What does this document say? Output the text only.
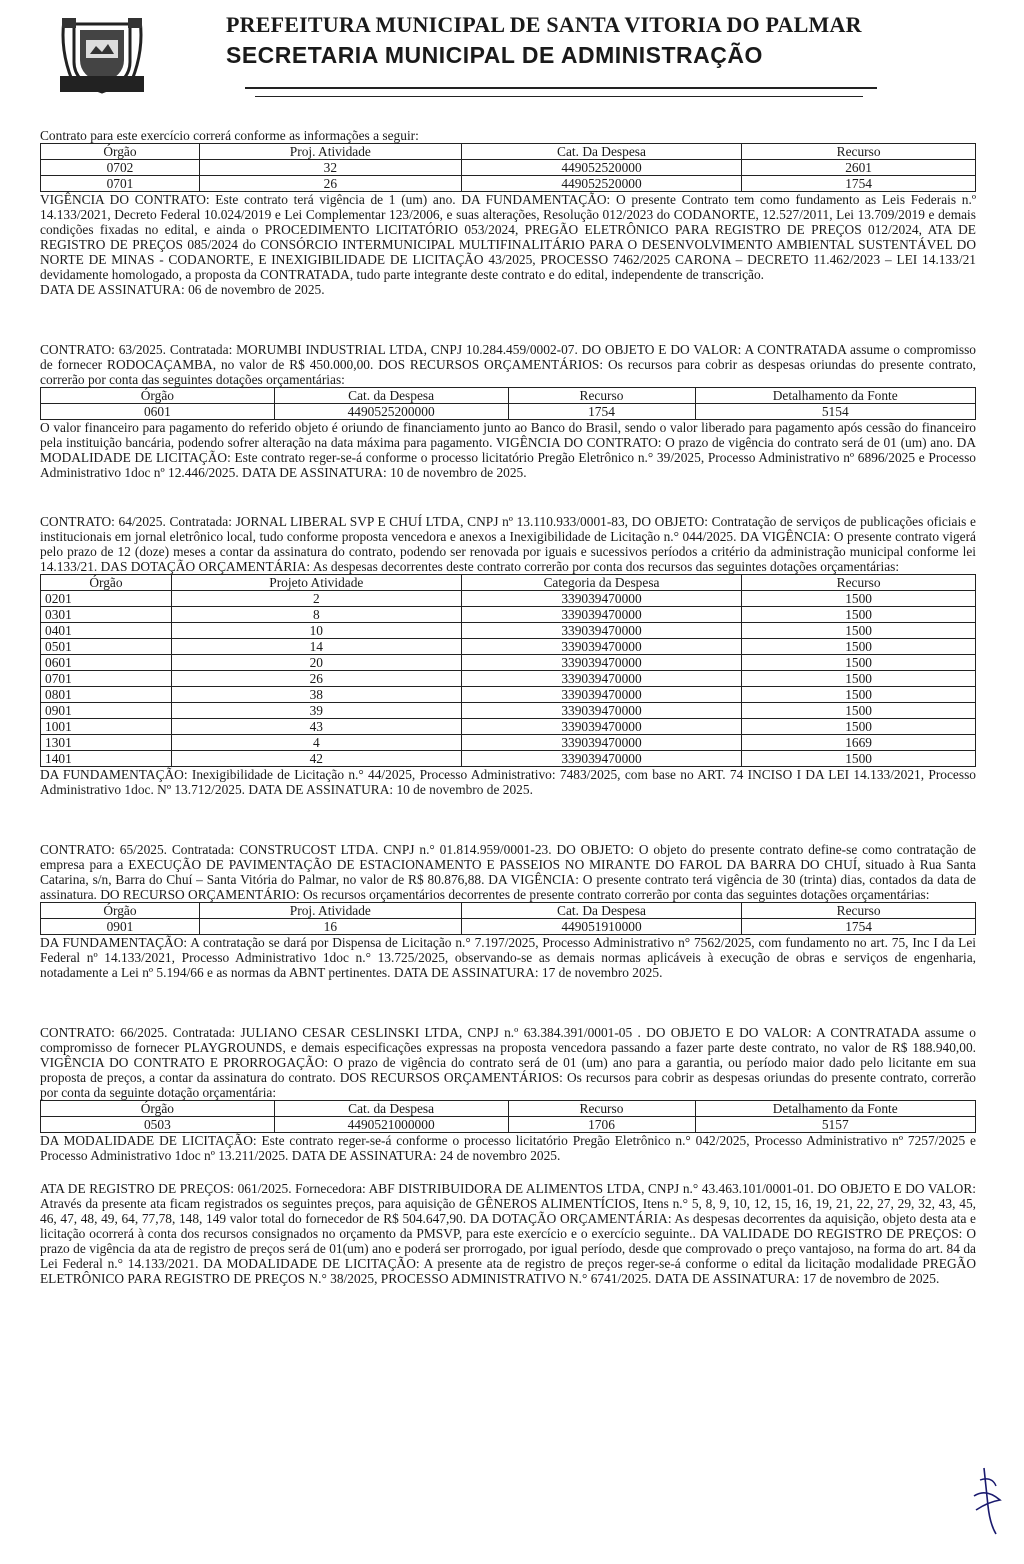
PREFEITURA MUNICIPAL DE SANTA VITORIA DO PALMAR
SECRETARIA MUNICIPAL DE ADMINISTRAÇÃO

Contrato para este exercício correrá conforme as informações a seguir:

Órgão	Proj. Atividade	Cat. Da Despesa	Recurso
0702	32	449052520000	2601
0701	26	449052520000	1754

VIGÊNCIA DO CONTRATO: Este contrato terá vigência de 1 (um) ano. DA FUNDAMENTAÇÃO: O presente Contrato tem como fundamento as Leis Federais n.º 14.133/2021, Decreto Federal 10.024/2019 e Lei Complementar 123/2006, e suas alterações, Resolução 012/2023 do CODANORTE, 12.527/2011, Lei 13.709/2019 e demais condições fixadas no edital, e ainda o PROCEDIMENTO LICITATÓRIO 053/2024, PREGÃO ELETRÔNICO PARA REGISTRO DE PREÇOS 012/2024, ATA DE REGISTRO DE PREÇOS 085/2024 do CONSÓRCIO INTERMUNICIPAL MULTIFINALITÁRIO PARA O DESENVOLVIMENTO AMBIENTAL SUSTENTÁVEL DO NORTE DE MINAS - CODANORTE, E INEXIGIBILIDADE DE LICITAÇÃO 43/2025, PROCESSO 7462/2025 CARONA – DECRETO 11.462/2023 – LEI 14.133/21 devidamente homologado, a proposta da CONTRATADA, tudo parte integrante deste contrato e do edital, independente de transcrição.

DATA DE ASSINATURA: 06 de novembro de 2025.

CONTRATO: 63/2025. Contratada: MORUMBI INDUSTRIAL LTDA, CNPJ 10.284.459/0002-07. DO OBJETO E DO VALOR: A CONTRATADA assume o compromisso de fornecer RODOCAÇAMBA, no valor de R$ 450.000,00. DOS RECURSOS ORÇAMENTÁRIOS: Os recursos para cobrir as despesas oriundas do presente contrato, correrão por conta das seguintes dotações orçamentárias:

Órgão	Cat. da Despesa	Recurso	Detalhamento da Fonte
0601	4490525200000	1754	5154

O valor financeiro para pagamento do referido objeto é oriundo de financiamento junto ao Banco do Brasil, sendo o valor liberado para pagamento após cessão do financeiro pela instituição bancária, podendo sofrer alteração na data máxima para pagamento. VIGÊNCIA DO CONTRATO: O prazo de vigência do contrato será de 01 (um) ano. DA MODALIDADE DE LICITAÇÃO: Este contrato reger-se-á conforme o processo licitatório Pregão Eletrônico n.° 39/2025, Processo Administrativo nº 6896/2025 e Processo Administrativo 1doc nº 12.446/2025. DATA DE ASSINATURA: 10 de novembro de 2025.

CONTRATO: 64/2025. Contratada: JORNAL LIBERAL SVP E CHUÍ LTDA, CNPJ nº 13.110.933/0001-83, DO OBJETO: Contratação de serviços de publicações oficiais e institucionais em jornal eletrônico local, tudo conforme proposta vencedora e anexos a Inexigibilidade de Licitação n.° 044/2025. DA VIGÊNCIA: O presente contrato vigerá pelo prazo de 12 (doze) meses a contar da assinatura do contrato, podendo ser renovada por iguais e sucessivos períodos a critério da administração municipal conforme lei 14.133/21. DAS DOTAÇÃO ORÇAMENTÁRIA: As despesas decorrentes deste contrato correrão por conta dos recursos das seguintes dotações orçamentárias:

Órgão	Projeto Atividade	Categoria da Despesa	Recurso
0201	2	339039470000	1500
0301	8	339039470000	1500
0401	10	339039470000	1500
0501	14	339039470000	1500
0601	20	339039470000	1500
0701	26	339039470000	1500
0801	38	339039470000	1500
0901	39	339039470000	1500
1001	43	339039470000	1500
1301	4	339039470000	1669
1401	42	339039470000	1500

DA FUNDAMENTAÇÃO: Inexigibilidade de Licitação n.° 44/2025, Processo Administrativo: 7483/2025, com base no ART. 74 INCISO I DA LEI 14.133/2021, Processo Administrativo 1doc. Nº 13.712/2025. DATA DE ASSINATURA: 10 de novembro de 2025.

CONTRATO: 65/2025. Contratada: CONSTRUCOST LTDA. CNPJ n.° 01.814.959/0001-23. DO OBJETO: O objeto do presente contrato define-se como contratação de empresa para a EXECUÇÃO DE PAVIMENTAÇÃO DE ESTACIONAMENTO E PASSEIOS NO MIRANTE DO FAROL DA BARRA DO CHUÍ, situado à Rua Santa Catarina, s/n, Barra do Chuí – Santa Vitória do Palmar, no valor de R$ 80.876,88. DA VIGÊNCIA: O presente contrato terá vigência de 30 (trinta) dias, contados da data de assinatura. DO RECURSO ORÇAMENTÁRIO: Os recursos orçamentários decorrentes de presente contrato correrão por conta das seguintes dotações orçamentárias:

Órgão	Proj. Atividade	Cat. Da Despesa	Recurso
0901	16	449051910000	1754

DA FUNDAMENTAÇÃO: A contratação se dará por Dispensa de Licitação n.° 7.197/2025, Processo Administrativo n° 7562/2025, com fundamento no art. 75, Inc I da Lei Federal nº 14.133/2021, Processo Administrativo 1doc n.° 13.725/2025, observando-se as demais normas aplicáveis à execução de obras e serviços de engenharia, notadamente a Lei nº 5.194/66 e as normas da ABNT pertinentes. DATA DE ASSINATURA: 17 de novembro 2025.

CONTRATO: 66/2025. Contratada: JULIANO CESAR CESLINSKI LTDA, CNPJ n.º 63.384.391/0001-05 . DO OBJETO E DO VALOR: A CONTRATADA assume o compromisso de fornecer PLAYGROUNDS, e demais especificações expressas na proposta vencedora passando a fazer parte deste contrato, no valor de R$ 188.940,00. VIGÊNCIA DO CONTRATO E PRORROGAÇÃO: O prazo de vigência do contrato será de 01 (um) ano para a garantia, ou período maior dado pelo licitante em sua proposta de preços, a contar da assinatura do contrato. DOS RECURSOS ORÇAMENTÁRIOS: Os recursos para cobrir as despesas oriundas do presente contrato, correrão por conta da seguinte dotação orçamentária:

Órgão	Cat. da Despesa	Recurso	Detalhamento da Fonte
0503	4490521000000	1706	5157

DA MODALIDADE DE LICITAÇÃO: Este contrato reger-se-á conforme o processo licitatório Pregão Eletrônico n.° 042/2025, Processo Administrativo nº 7257/2025 e Processo Administrativo 1doc nº 13.211/2025. DATA DE ASSINATURA: 24 de novembro 2025.

ATA DE REGISTRO DE PREÇOS: 061/2025. Fornecedora: ABF DISTRIBUIDORA DE ALIMENTOS LTDA, CNPJ n.° 43.463.101/0001-01. DO OBJETO E DO VALOR: Através da presente ata ficam registrados os seguintes preços, para aquisição de GÊNEROS ALIMENTÍCIOS, Itens n.° 5, 8, 9, 10, 12, 15, 16, 19, 21, 22, 27, 29, 32, 43, 45, 46, 47, 48, 49, 64, 77,78, 148, 149 valor total do fornecedor de R$ 504.647,90. DA DOTAÇÃO ORÇAMENTÁRIA: As despesas decorrentes da aquisição, objeto desta ata e licitação ocorrerá à conta dos recursos consignados no orçamento da PMSVP, para este exercício e o exercício seguinte.. DA VALIDADE DO REGISTRO DE PREÇOS: O prazo de vigência da ata de registro de preços será de 01(um) ano e poderá ser prorrogado, por igual período, desde que comprovado o preço vantajoso, na forma do art. 84 da Lei Federal n.° 14.133/2021. DA MODALIDADE DE LICITAÇÃO: A presente ata de registro de preços reger-se-á conforme o edital da licitação modalidade PREGÃO ELETRÔNICO PARA REGISTRO DE PREÇOS N.° 38/2025, PROCESSO ADMINISTRATIVO N.° 6741/2025. DATA DE ASSINATURA: 17 de novembro de 2025.
